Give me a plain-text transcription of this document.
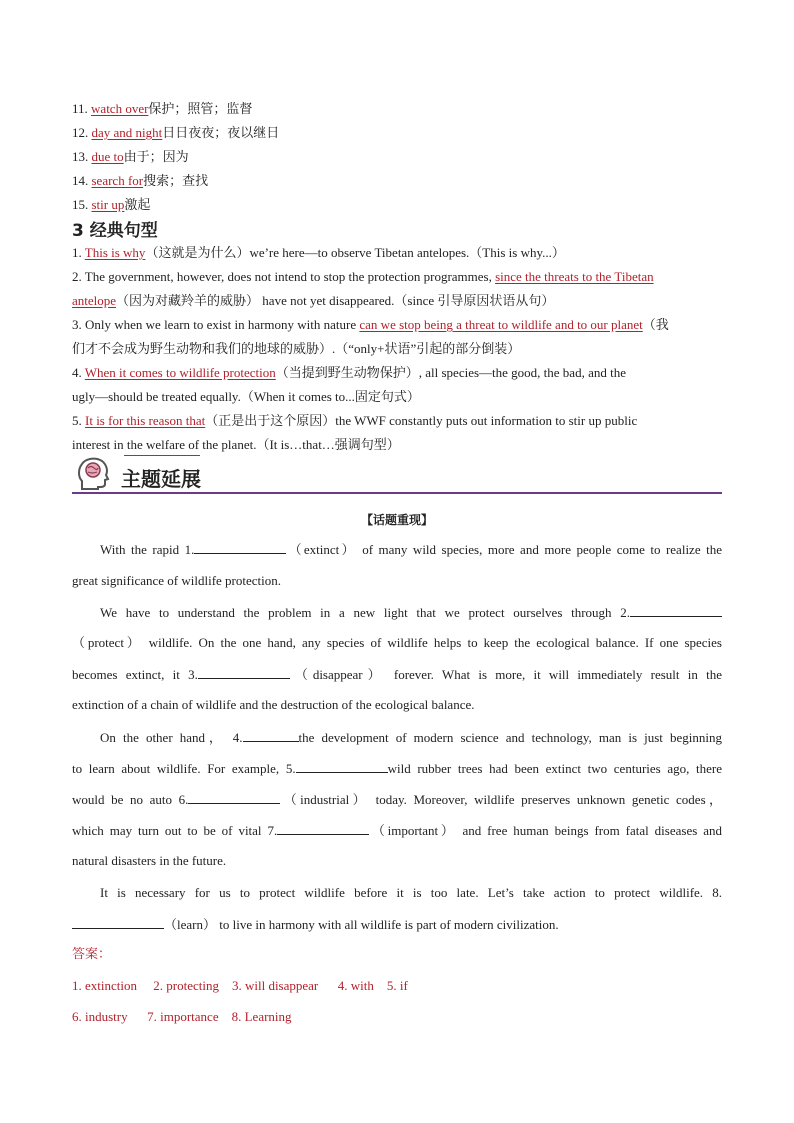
11. watch over保护；照管；监督
12. day and night日日夜夜；夜以继日
13. due to由于；因为
14. search for搜索；查找
15. stir up激起
3 经典句型
1. This is why（这就是为什么）we’re here—to observe Tibetan antelopes.（This is why...）
2. The government, however, does not intend to stop the protection programmes, since the threats to the Tibetan
antelope（因为对藏羚羊的威胁） have not yet disappeared.（since 引导原因状语从句）
3. Only when we learn to exist in harmony with nature can we stop being a threat to wildlife and to our planet（我
们才不会成为野生动物和我们的地球的威胁）.（“only+状语”引起的部分倒装）
4. When it comes to wildlife protection（当提到野生动物保护）, all species—the good, the bad, and the
ugly—should be treated equally.（When it comes to...固定句式）
5. It is for this reason that（正是出于这个原因）the WWF constantly puts out information to stir up public
interest in the welfare of the planet.（It is…that…强调句型）
主题延展
【话题重现】
With the rapid 1.	（extinct） of many wild species, more and more people come to realize the
great significance of wildlife protection.
We have to understand the problem in a new light that we protect ourselves through 2.
（protect） wildlife. On the one hand, any species of wildlife helps to keep the ecological balance. If one species
becomes extinct, it 3.	（disappear） forever. What is more, it will immediately result in the
extinction of a chain of wildlife and the destruction of the ecological balance.
On the other hand， 4.	the development of modern science and technology, man is just beginning
to learn about wildlife. For example, 5.	wild rubber trees had been extinct two centuries ago, there
would be no auto 6.	（industrial） today. Moreover, wildlife preserves unknown genetic codes，
which may turn out to be of vital 7.	（important） and free human beings from fatal diseases and
natural disasters in the future.
It is necessary for us to protect wildlife before it is too late. Let’s take action to protect wildlife. 8.
（learn） to live in harmony with all wildlife is part of modern civilization.
答案：
1. extinction 2. protecting 3. will disappear 4. with 5. if
6. industry 7. importance 8. Learning
